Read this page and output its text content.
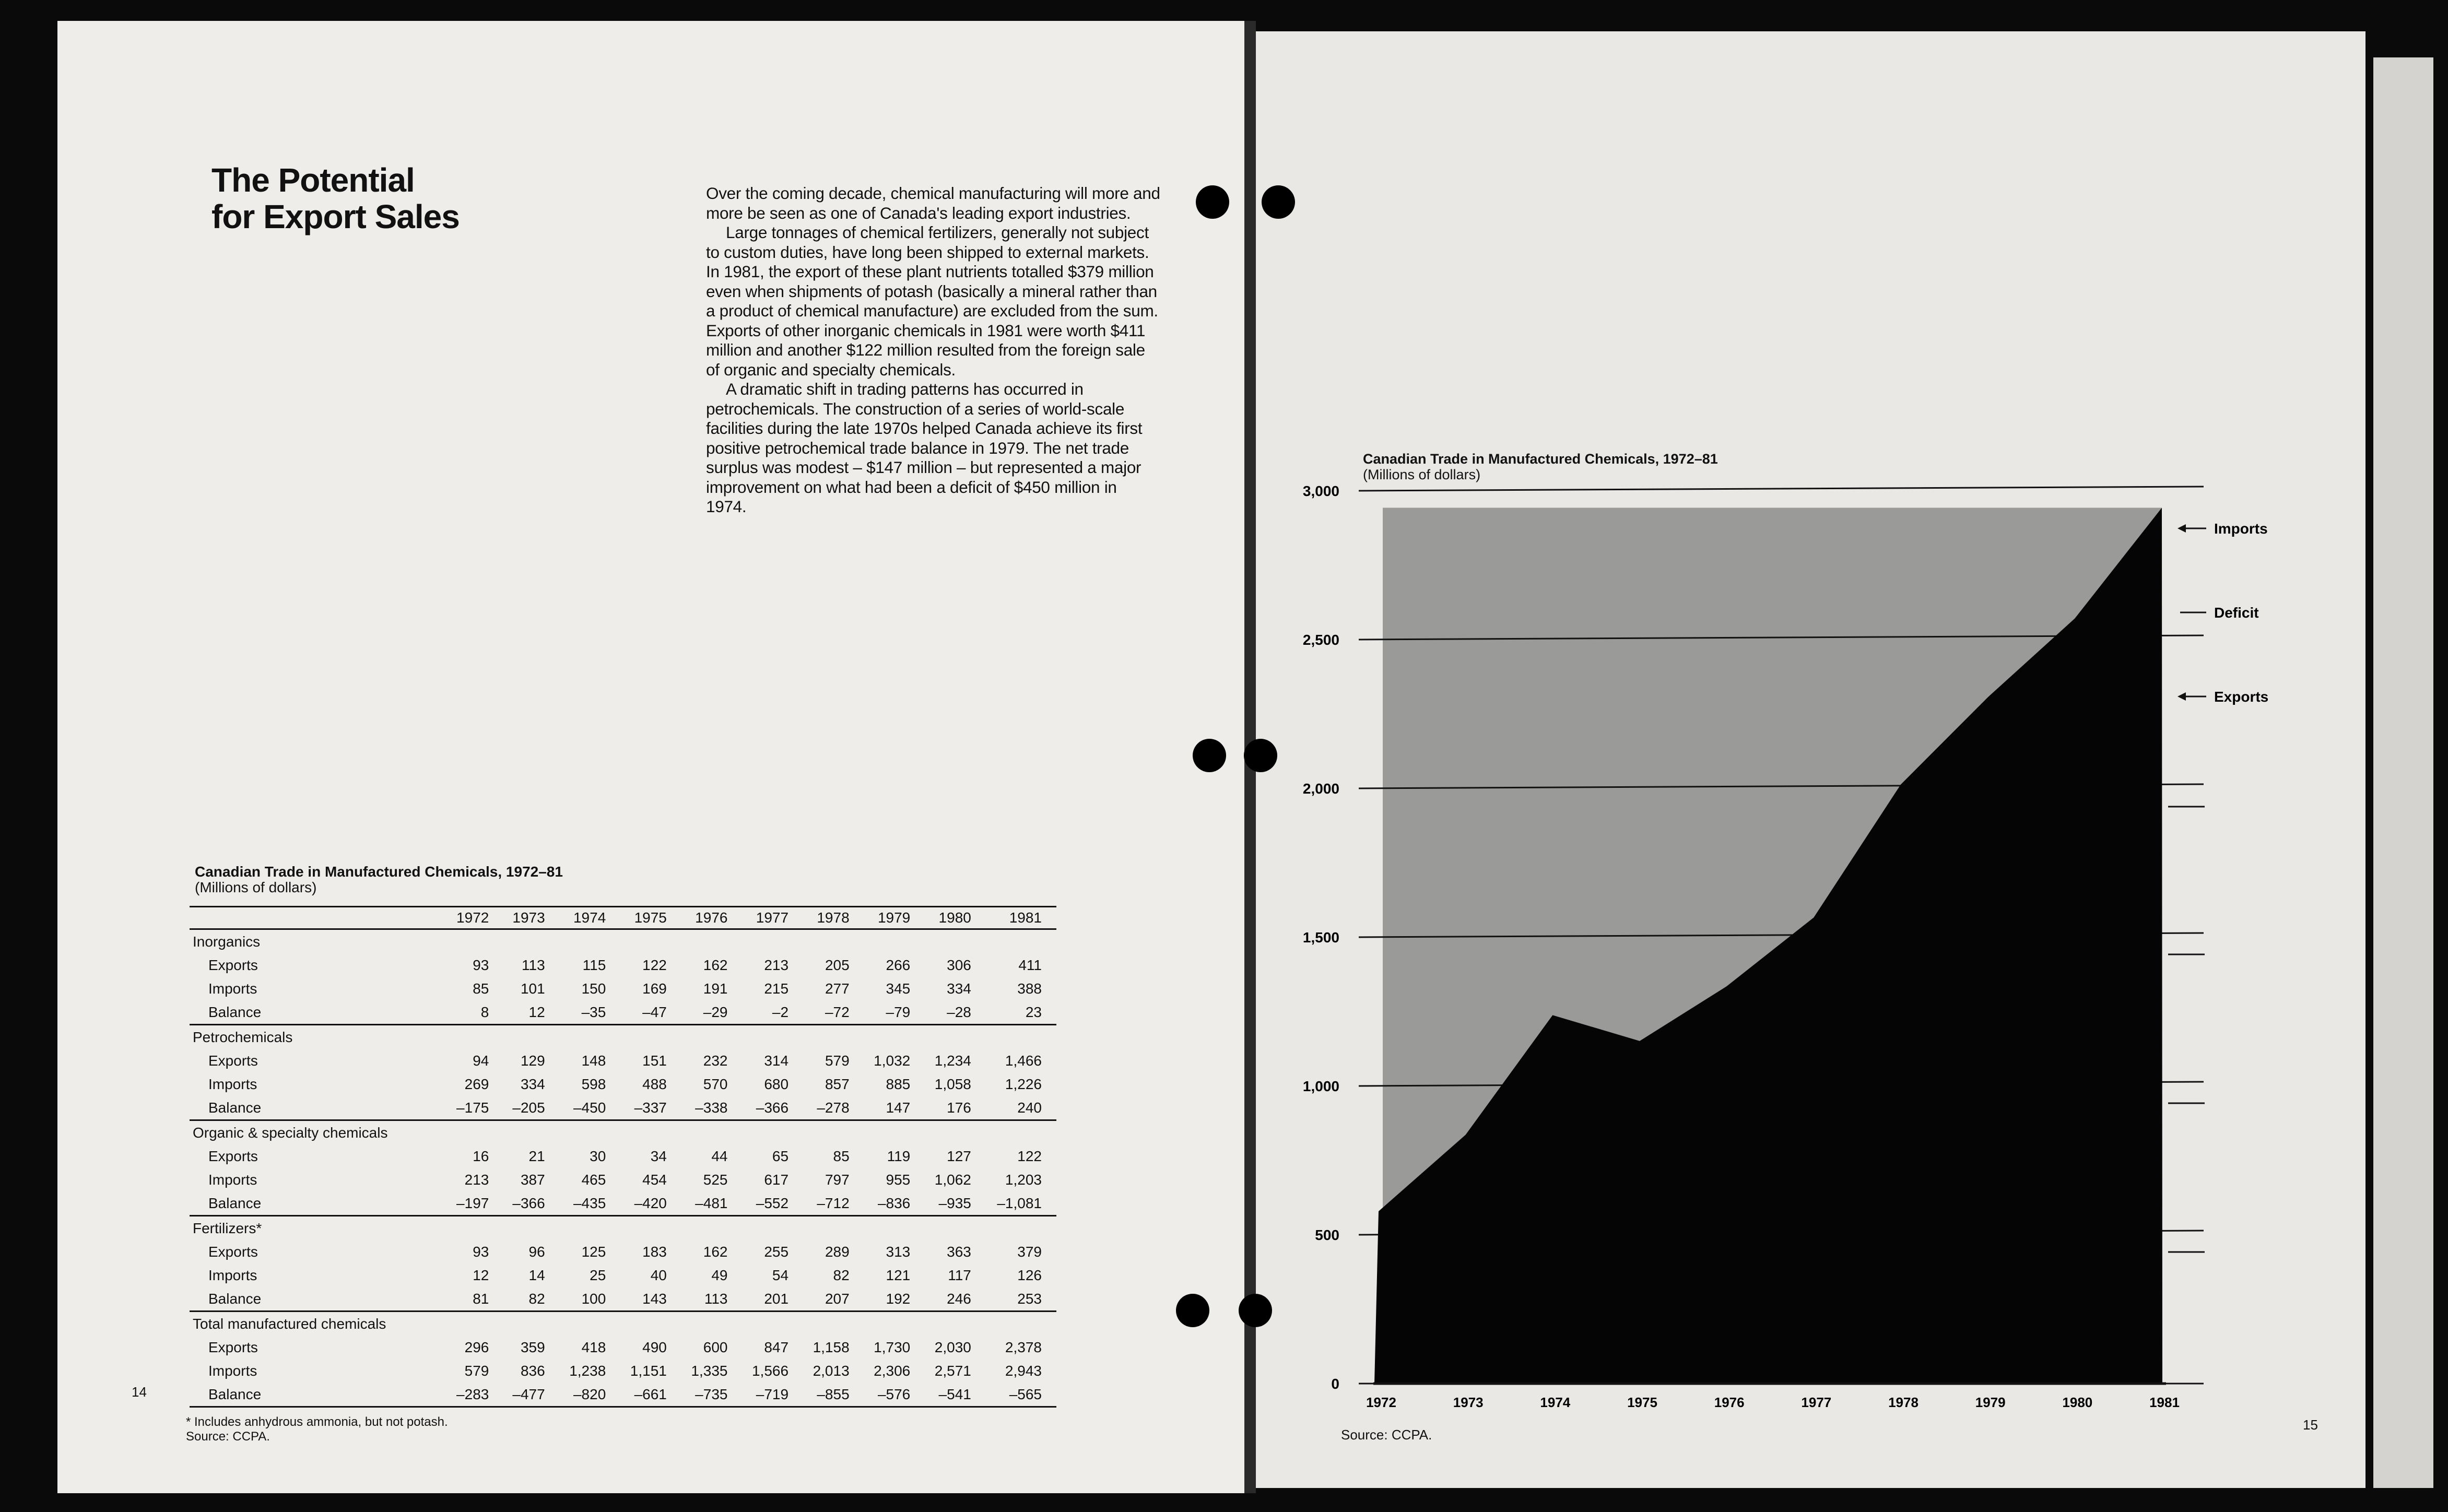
The Potential
for Export Sales

Over the coming decade, chemical manufacturing will more and more be seen as one of Canada's leading export industries.

Large tonnages of chemical fertilizers, generally not subject to custom duties, have long been shipped to external markets. In 1981, the export of these plant nutrients totalled $379 million even when shipments of potash (basically a mineral rather than a product of chemical manufacture) are excluded from the sum. Exports of other inorganic chemicals in 1981 were worth $411 million and another $122 million resulted from the foreign sale of organic and specialty chemicals.

A dramatic shift in trading patterns has occurred in petrochemicals. The construction of a series of world-scale facilities during the late 1970s helped Canada achieve its first positive petrochemical trade balance in 1979. The net trade surplus was modest – $147 million – but represented a major improvement on what had been a deficit of $450 million in 1974.

Canadian Trade in Manufactured Chemicals, 1972–81
(Millions of dollars)
	1972	1973	1974	1975	1976	1977	1978	1979	1980	1981
Inorganics										
Exports	93	113	115	122	162	213	205	266	306	411
Imports	85	101	150	169	191	215	277	345	334	388
Balance	8	12	–35	–47	–29	–2	–72	–79	–28	23
Petrochemicals										
Exports	94	129	148	151	232	314	579	1,032	1,234	1,466
Imports	269	334	598	488	570	680	857	885	1,058	1,226
Balance	–175	–205	–450	–337	–338	–366	–278	147	176	240
Organic & specialty chemicals										
Exports	16	21	30	34	44	65	85	119	127	122
Imports	213	387	465	454	525	617	797	955	1,062	1,203
Balance	–197	–366	–435	–420	–481	–552	–712	–836	–935	–1,081
Fertilizers*										
Exports	93	96	125	183	162	255	289	313	363	379
Imports	12	14	25	40	49	54	82	121	117	126
Balance	81	82	100	143	113	201	207	192	246	253
Total manufactured chemicals										
Exports	296	359	418	490	600	847	1,158	1,730	2,030	2,378
Imports	579	836	1,238	1,151	1,335	1,566	2,013	2,306	2,571	2,943
Balance	–283	–477	–820	–661	–735	–719	–855	–576	–541	–565
* Includes anhydrous ammonia, but not potash.
Source: CCPA.
14
15
Canadian Trade in Manufactured Chemicals, 1972–81
(Millions of dollars)
0
500
1,000
1,500
2,000
2,500
3,000
1972	1973	1974	1975	1976	1977	1978	1979	1980	1981
Imports
Deficit
Exports
Source: CCPA.
